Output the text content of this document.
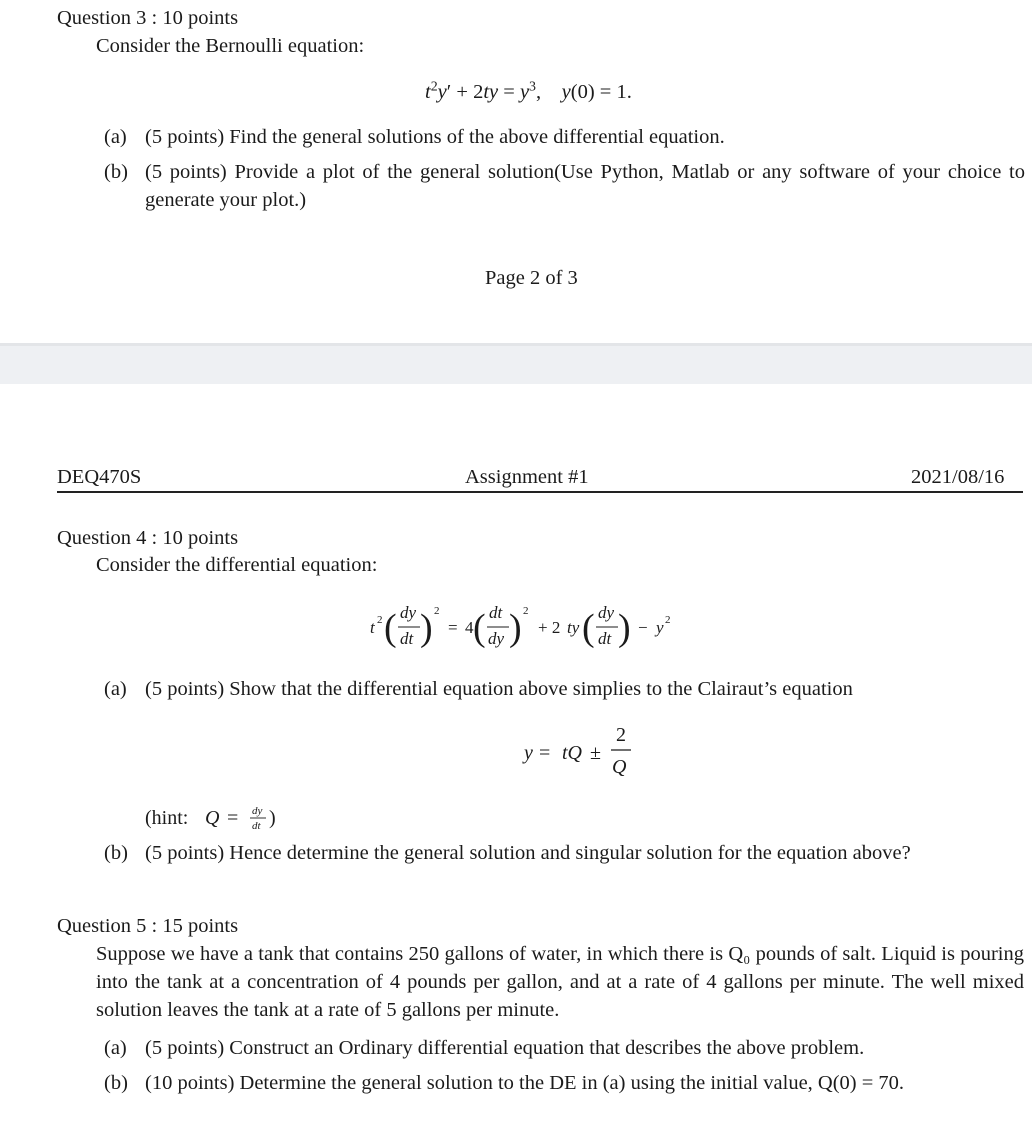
Question 3 : 10 points
Consider the Bernoulli equation:
$t^2y' + 2ty = y^3$,    y(0) = 1.
(a) (5 points) Find the general solutions of the above differential equation.
(b) (5 points) Provide a plot of the general solution(Use Python, Matlab or any software of your choice to generate your plot.)
Page 2 of 3
DEQ470S	Assignment #1	2021/08/16
Question 4 : 10 points
Consider the differential equation:
t 2 ( dy
dt ) 2
= 4 ( dt
dy ) 2
+ 2 ty ( dy
dt ) − y 2
(a) (5 points) Show that the differential equation above simplies to the Clairaut’s equation
y = tQ ±
2
Q
(hint: Q = dy
dt )
(b) (5 points) Hence determine the general solution and singular solution for the equation above?
Question 5 : 15 points
Suppose we have a tank that contains 250 gallons of water, in which there is Q₀ pounds of salt. Liquid is pouring into the tank at a concentration of 4 pounds per gallon, and at a rate of 4 gallons per minute. The well mixed solution leaves the tank at a rate of 5 gallons per minute.
(a) (5 points) Construct an Ordinary differential equation that describes the above problem.
(b) (10 points) Determine the general solution to the DE in (a) using the initial value, Q(0) = 70.
